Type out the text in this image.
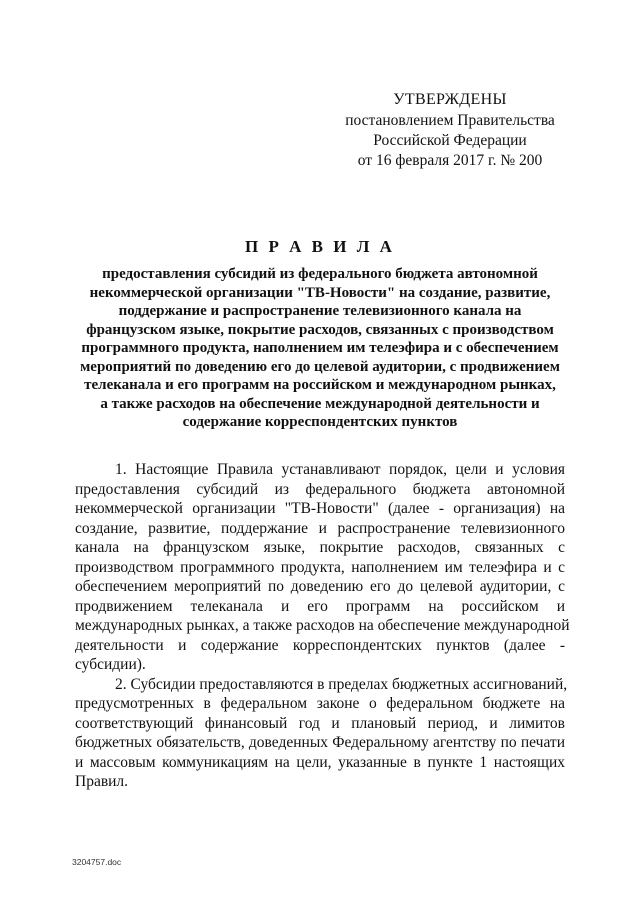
УТВЕРЖДЕНЫ
постановлением Правительства
Российской Федерации
от 16 февраля 2017 г. № 200
П Р А В И Л А
предоставления субсидий из федерального бюджета автономной
некоммерческой организации "ТВ-Новости" на создание, развитие,
поддержание и распространение телевизионного канала на
французском языке, покрытие расходов, связанных с производством
программного продукта, наполнением им телеэфира и с обеспечением
мероприятий по доведению его до целевой аудитории, с продвижением
телеканала и его программ на российском и международном рынках,
а также расходов на обеспечение международной деятельности и
содержание корреспондентских пунктов

1. Настоящие Правила устанавливают порядок, цели и условия
предоставления субсидий из федерального бюджета автономной
некоммерческой организации "ТВ-Новости" (далее - организация) на
создание, развитие, поддержание и распространение телевизионного
канала на французском языке, покрытие расходов, связанных с
производством программного продукта, наполнением им телеэфира и с
обеспечением мероприятий по доведению его до целевой аудитории, с
продвижением телеканала и его программ на российском и
международных рынках, а также расходов на обеспечение международной
деятельности и содержание корреспондентских пунктов (далее -
субсидии).

2. Субсидии предоставляются в пределах бюджетных ассигнований,
предусмотренных в федеральном законе о федеральном бюджете на
соответствующий финансовый год и плановый период, и лимитов
бюджетных обязательств, доведенных Федеральному агентству по печати
и массовым коммуникациям на цели, указанные в пункте 1 настоящих
Правил.

3204757.doc
